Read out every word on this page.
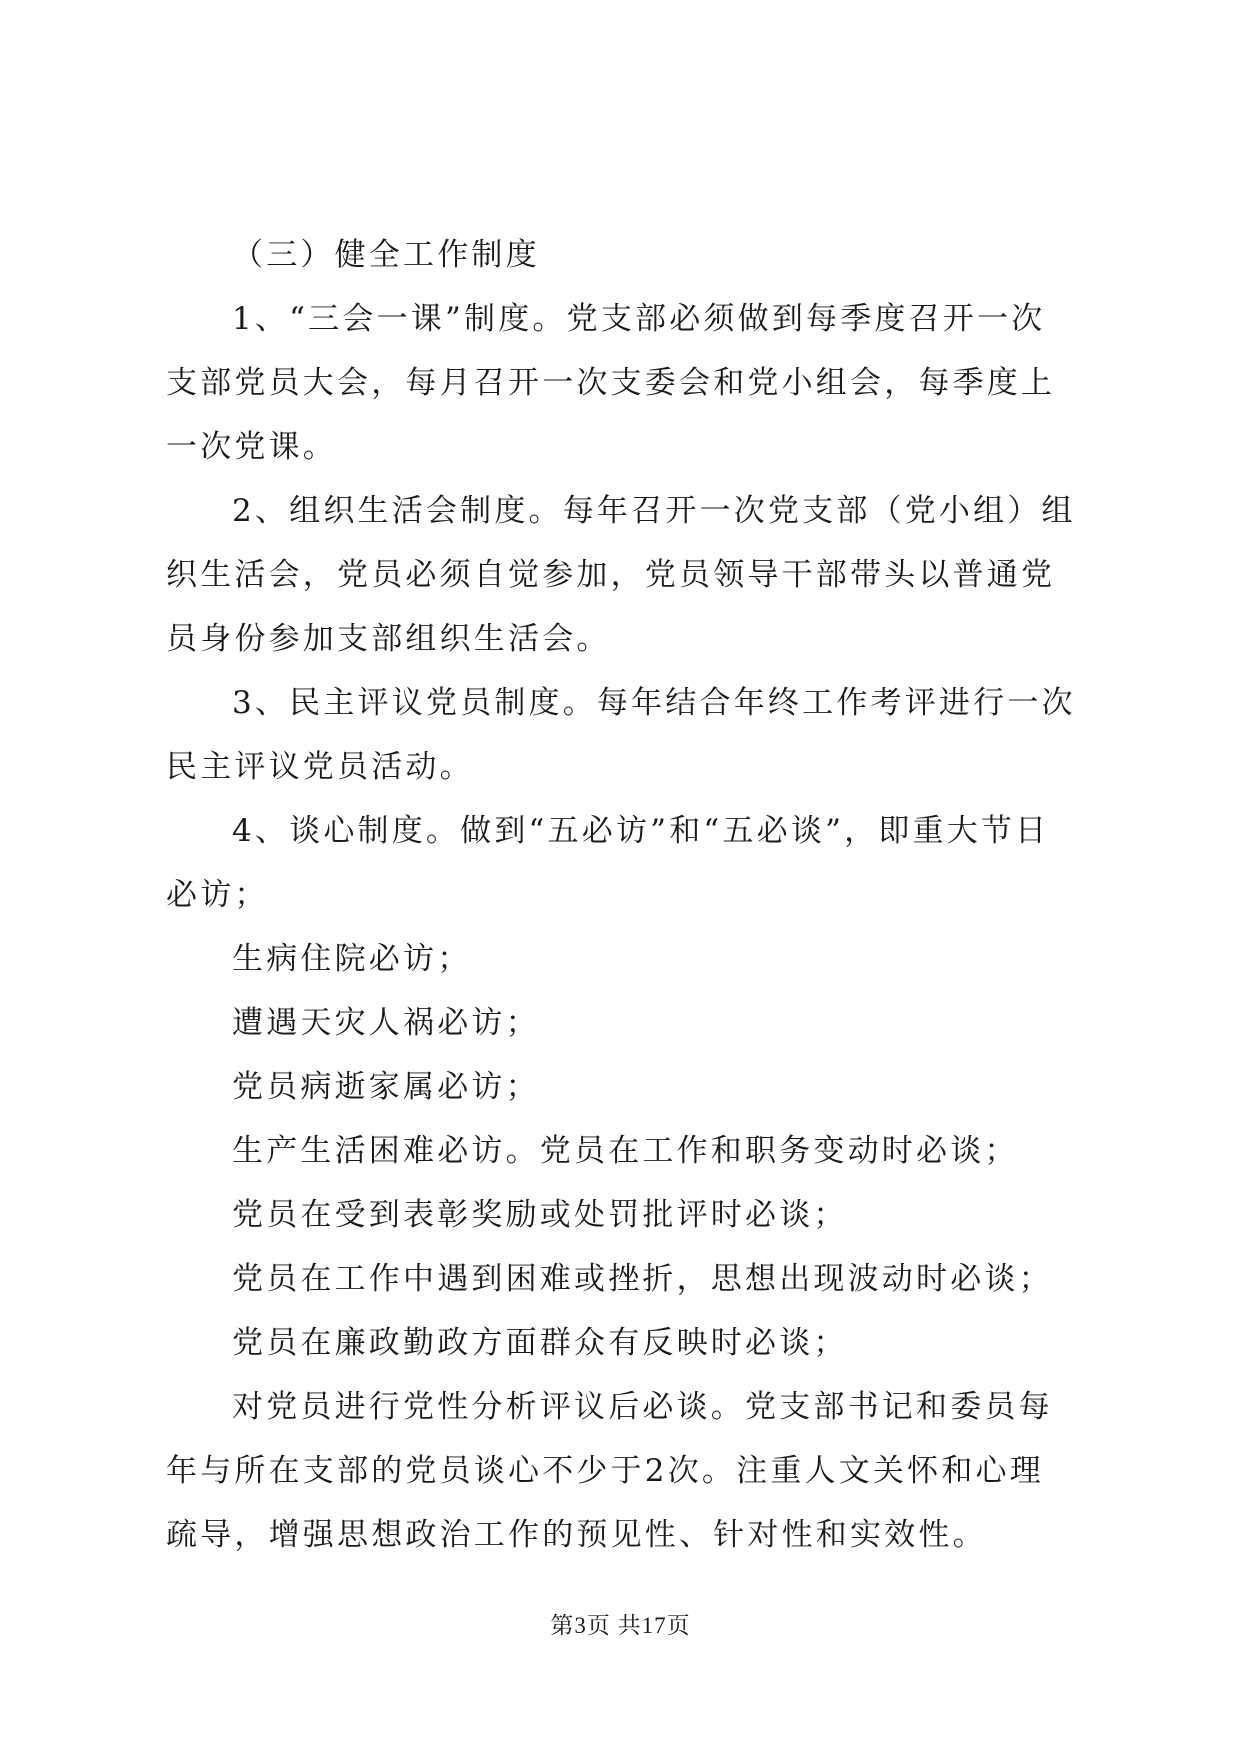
（三）健全工作制度

1、“三会一课”制度。党支部必须做到每季度召开一次支部党员大会，每月召开一次支委会和党小组会，每季度上一次党课。

2、组织生活会制度。每年召开一次党支部（党小组）组织生活会，党员必须自觉参加，党员领导干部带头以普通党员身份参加支部组织生活会。

3、民主评议党员制度。每年结合年终工作考评进行一次民主评议党员活动。

4、谈心制度。做到“五必访”和“五必谈”，即重大节日必访；

生病住院必访；

遭遇天灾人祸必访；

党员病逝家属必访；

生产生活困难必访。党员在工作和职务变动时必谈；

党员在受到表彰奖励或处罚批评时必谈；

党员在工作中遇到困难或挫折，思想出现波动时必谈；

党员在廉政勤政方面群众有反映时必谈；

对党员进行党性分析评议后必谈。党支部书记和委员每年与所在支部的党员谈心不少于2次。注重人文关怀和心理疏导，增强思想政治工作的预见性、针对性和实效性。

第3页 共17页
